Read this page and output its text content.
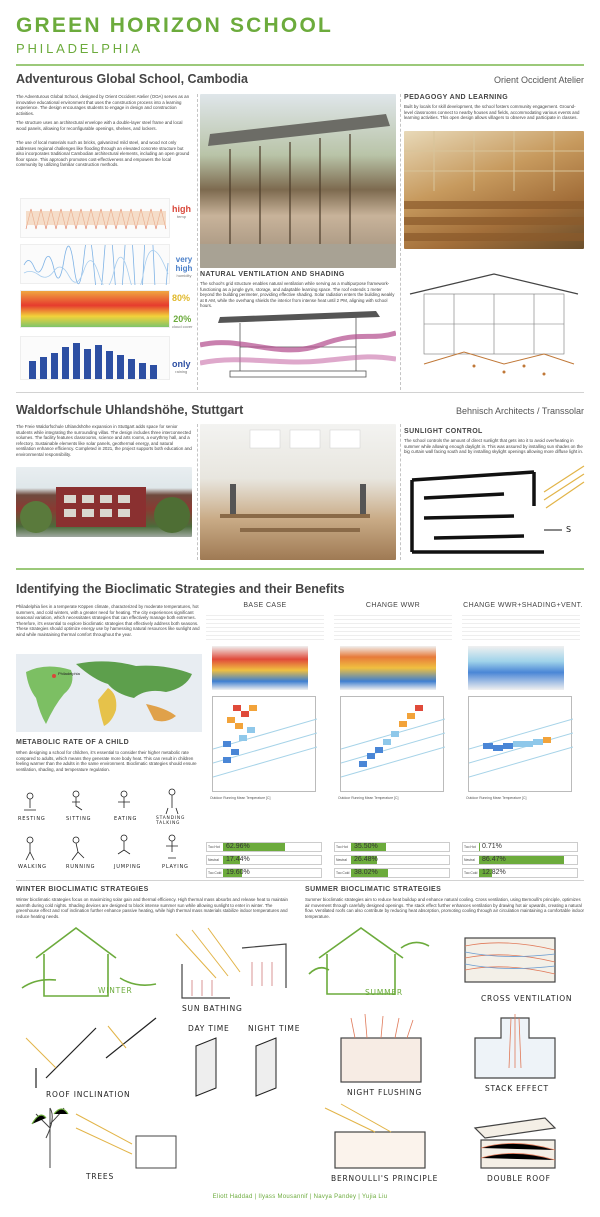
GREEN HORIZON SCHOOL
PHILADELPHIA
Adventurous Global School, Cambodia	Orient Occident Atelier
The Adventurous Global School, designed by Orient Occident Atelier (OOA) serves as an innovative educational environment that uses the construction process into a learning experience. The design encourages students to engage in design and construction activities.
The structure uses an architectural envelope with a double-layer steel frame and local wood panels, allowing for reconfigurable openings, shelves, and lockers.
The use of local materials such as bricks, galvanized mild steel, and wood not only addresses regional challenges like flooding through an elevated concrete structure but also incorporates traditional Cambodian architectural elements, including an open ground floor space. This approach promotes cost-effectiveness and empowers the local community by utilizing familiar construction methods.
high
temp
very high
humidity
80%
20%
cloud cover
only
raining
NATURAL VENTILATION AND SHADING
The school's grid structure enables natural ventilation while serving as a multipurpose framework-functioning as a jungle gym, storage, and adaptable learning space. The roof extends 1 meter beyond the building perimeter, providing effective shading. Solar radiation enters the building weakly at 8 AM, while the overhang shields the interior from intense heat until 2 PM, aligning with school hours.
PEDAGOGY AND LEARNING
Built by locals for skill development, the school fosters community engagement. Ground-level classrooms connect to nearby houses and fields, accommodating various events and learning activities. This open design allows villagers to observe and participate in classes.
Waldorfschule Uhlandshöhe, Stuttgart	Behnisch Architects / Transsolar
The Freie Waldorfschule Uhlandshöhe expansion in Stuttgart adds space for senior students while integrating the surrounding villas. The design includes three interconnected volumes. The facility features classrooms, science and arts rooms, a eurythmy hall, and a refectory. Sustainable elements like solar panels, geothermal energy, and natural ventilation enhance efficiency. Completed in 2021, the project supports both education and environmental responsibility.
SUNLIGHT CONTROL
The school controls the amount of direct sunlight that gets into it to avoid overheating in summer while allowing enough daylight in. This was assured by installing sun shades on the big curtain wall facing south and by installing skylight openings allowing more diffuse light in.
S
Identifying the Bioclimatic Strategies and their Benefits
Philadelphia lies in a temperate Köppen climate, characterized by moderate temperatures, hot summers, and cold winters, with a greater need for heating. The city experiences significant seasonal variation, which necessitates strategies that can effectively manage both extremes. Therefore, it's essential to explore bioclimatic strategies that effectively address both seasons. These strategies should optimize energy use by harnessing natural resources like sunlight and wind while maintaining thermal comfort throughout the year.
Philadelphia
METABOLIC RATE OF A CHILD
When designing a school for children, it's essential to consider their higher metabolic rate compared to adults, which means they generate more body heat. This can result in children feeling warmer than the adults in the same environment. Bioclimatic strategies should ensure ventilation, shading, and temperature regulation.
RESTING	SITTING	EATING	STANDING TALKING
WALKING	RUNNING	JUMPING	PLAYING
BASE CASE
Outdoor Running Mean Temperature [C]
CHANGE WWR
Outdoor Running Mean Temperature [C]
CHANGE WWR+SHADING+VENT.
Outdoor Running Mean Temperature [C]
Too Hot 62.96%
Neutral 17.44%
Too Cold 19.60%
Too Hot 35.50%
Neutral 26.48%
Too Cold 38.02%
Too Hot 0.71%
Neutral 86.47%
Too Cold 12.82%
WINTER BIOCLIMATIC STRATEGIES
Winter bioclimatic strategies focus on maximizing solar gain and thermal efficiency. High thermal mass absorbs and release heat to maintain warmth during cold nights. Shading devices are designed to block intense summer sun while allowing sunlight to enter in winter. The greenhouse effect and roof inclination further enhance passive heating, while high thermal mass materials stabilize indoor temperatures and reduce heating needs.
SUMMER BIOCLIMATIC STRATEGIES
Summer bioclimatic strategies aim to reduce heat buildup and enhance natural cooling. Cross ventilation, using Bernoulli's principle, optimizes air movement through carefully designed openings. The stack effect further enhances ventilation by drawing hot air upwards, creating a natural flow. Ventilated roofs can also contribute by reducing heat absorption, promoting cooling through air circulation maintaining a comfortable indoor temperature.
WINTER
SUN BATHING
ROOF INCLINATION
DAY TIME NIGHT TIME
TREES
SUMMER
CROSS VENTILATION
NIGHT FLUSHING	STACK EFFECT
BERNOULLI'S PRINCIPLE	DOUBLE ROOF
Eliott Haddad | Ilyass Mousannif | Navya Pandey | Yujia Liu
